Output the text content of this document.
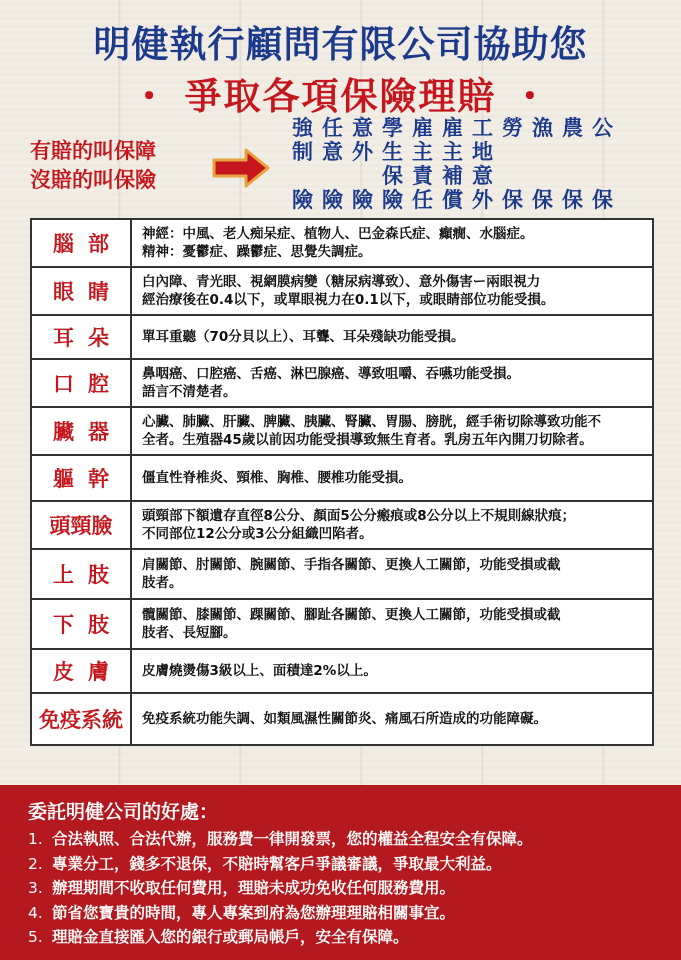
明健執行顧問有限公司協助您
・ 爭取各項保險理賠 ・
有賠的叫保障
沒賠的叫保險
強
制
險
任
意
險
意
外
險
學
生
保
險
雇
主
責
任
雇
主
補
償
工
地
意
外
勞
保
漁
保
農
保
公
保
腦部	神經：中風、老人痴呆症、植物人、巴金森氏症、癲癇、水腦症。
精神：憂鬱症、躁鬱症、思覺失調症。

眼睛	白內障、青光眼、視網膜病變（糖尿病導致）、意外傷害ー兩眼視力
經治療後在0.4以下，或單眼視力在0.1以下，或眼睛部位功能受損。

耳朵	單耳重聽（70分貝以上）、耳聾、耳朵殘缺功能受損。

口腔	鼻咽癌、口腔癌、舌癌、淋巴腺癌、導致咀嚼、吞嚥功能受損。
語言不清楚者。

臟器	心臟、肺臟、肝臟、脾臟、胰臟、腎臟、胃腸、膀胱，經手術切除導致功能不
全者。生殖器45歲以前因功能受損導致無生育者。乳房五年內開刀切除者。

軀幹	僵直性脊椎炎、頸椎、胸椎、腰椎功能受損。

頭頸臉	頭頸部下額遺存直徑8公分、顏面5公分瘢痕或8公分以上不規則線狀痕；
不同部位12公分或3公分組織凹陷者。

上肢	肩關節、肘關節、腕關節、手指各關節、更換人工關節，功能受損或截
肢者。

下肢	髖關節、膝關節、踝關節、腳趾各關節、更換人工關節，功能受損或截
肢者、長短腳。

皮膚	皮膚燒燙傷3級以上、面積達2%以上。

免疫系統	免疫系統功能失調、如類風濕性關節炎、痛風石所造成的功能障礙。
委託明健公司的好處：
1. 合法執照、合法代辦，服務費一律開發票，您的權益全程安全有保障。
2. 專業分工，錢多不退保，不賠時幫客戶爭議審議，爭取最大利益。
3. 辦理期間不收取任何費用，理賠未成功免收任何服務費用。
4. 節省您寶貴的時間，專人專案到府為您辦理理賠相關事宜。
5. 理賠金直接匯入您的銀行或郵局帳戶，安全有保障。
